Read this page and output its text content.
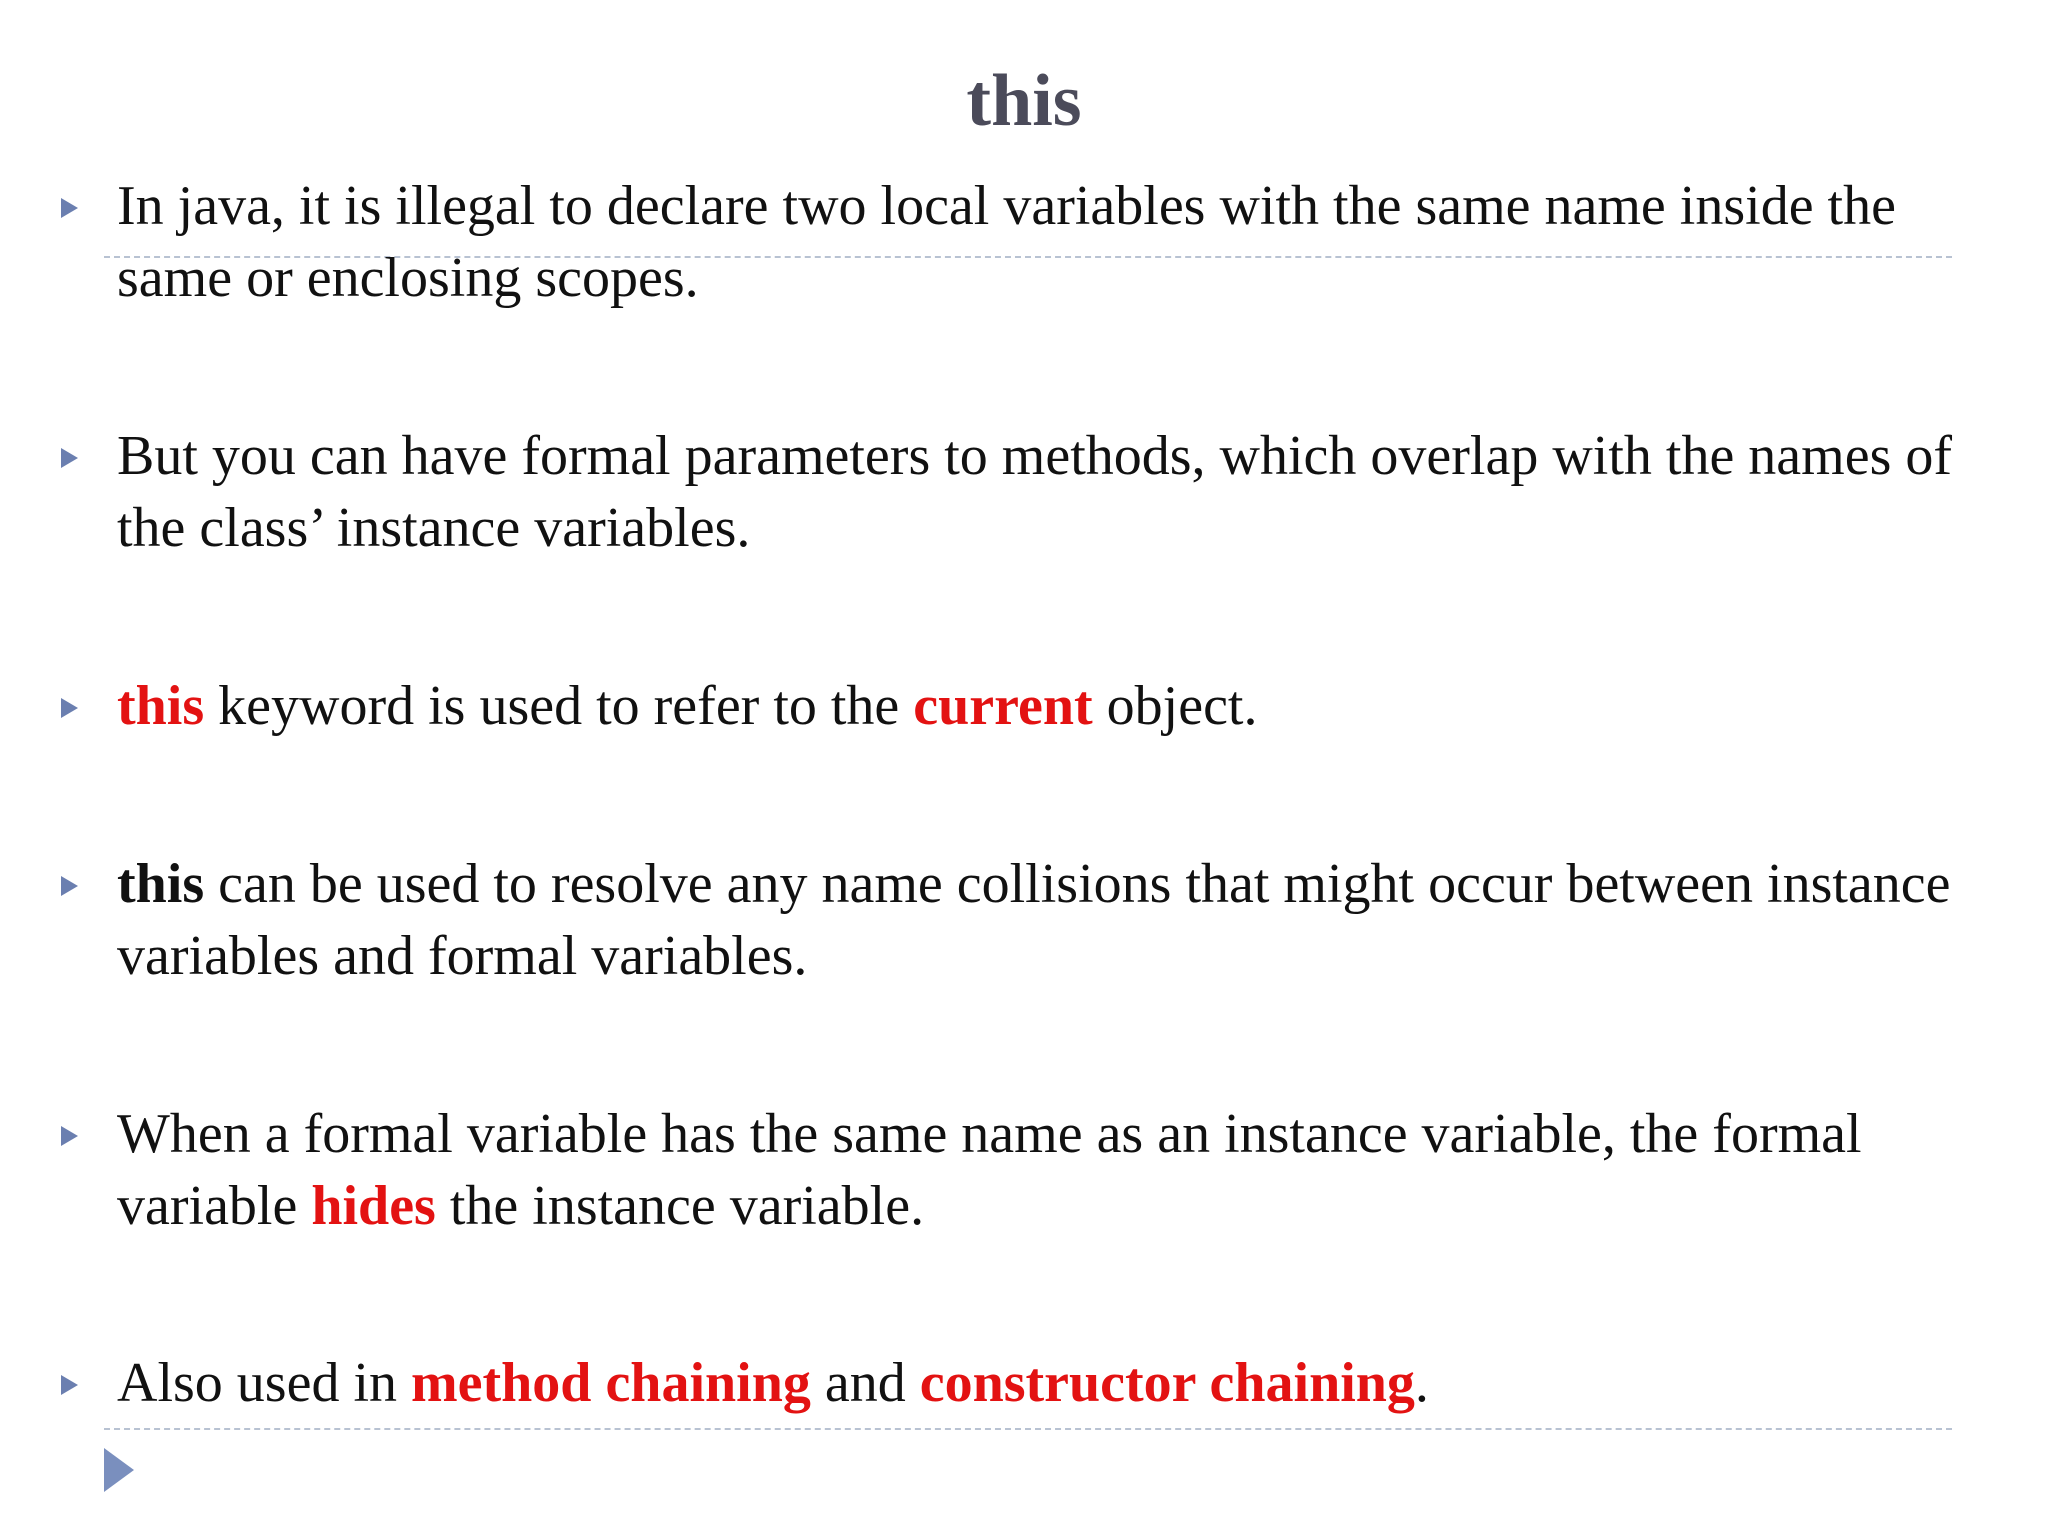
this
In java, it is illegal to declare two local variables with the same name inside the same or enclosing scopes.
But you can have formal parameters to methods, which overlap with the names of the class’ instance variables.
this keyword is used to refer to the current object.
this can be used to resolve any name collisions that might occur between instance variables and formal variables.
When a formal variable has the same name as an instance variable, the formal variable hides the instance variable.
Also used in method chaining and constructor chaining.
